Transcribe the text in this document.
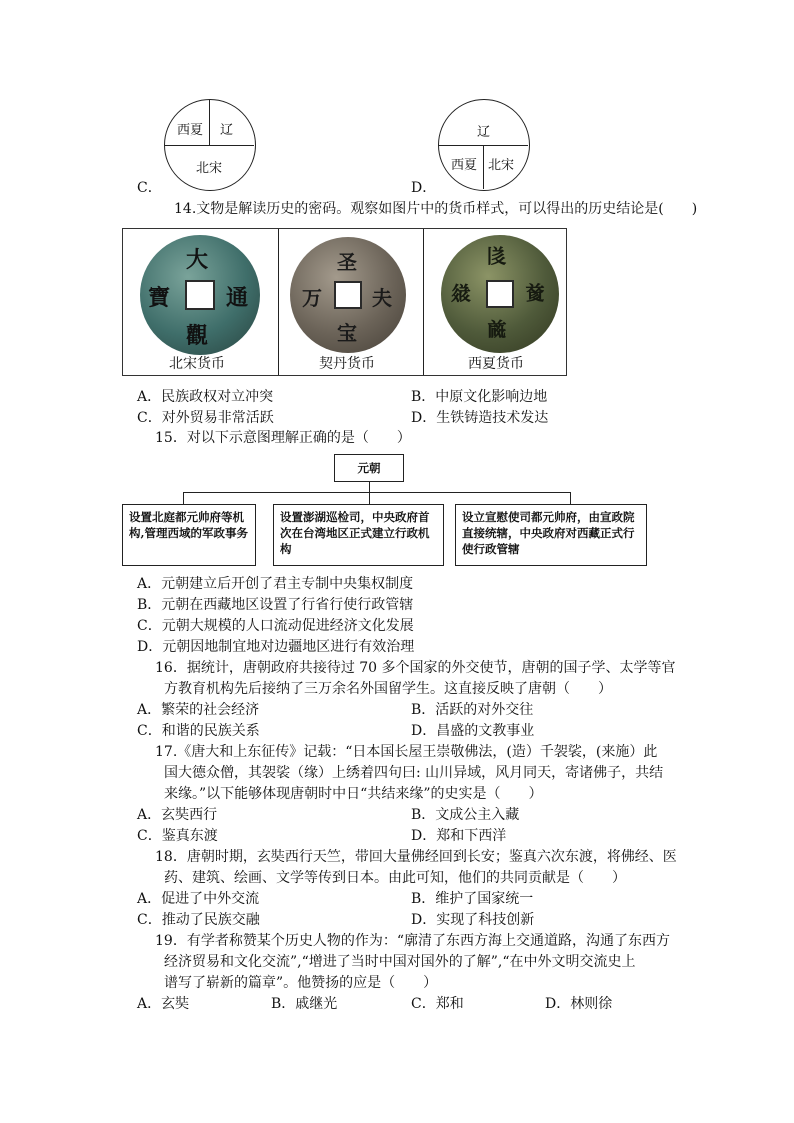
西夏 辽
北宋
辽
西夏 北宋
C．	D．
14.文物是解读历史的密码。观察如图片中的货币样式，可以得出的历史结论是(　　)
大
通
觀
寶
北宋货币
圣
夫
宝
万
契丹货币
𗁅
𗒹
𗒨
𗧊
西夏货币
A．民族政权对立冲突	B．中原文化影响边地
C．对外贸易非常活跃	D．生铁铸造技术发达
15．对以下示意图理解正确的是（　　）
元朝
设置北庭都元帅府等机构,管理西域的军政事务
设置澎湖巡检司，中央政府首次在台湾地区正式建立行政机构
设立宣慰使司都元帅府，由宣政院直接统辖，中央政府对西藏正式行使行政管辖
A．元朝建立后开创了君主专制中央集权制度
B．元朝在西藏地区设置了行省行使行政管辖
C．元朝大规模的人口流动促进经济文化发展
D．元朝因地制宜地对边疆地区进行有效治理
16．据统计，唐朝政府共接待过 70 多个国家的外交使节，唐朝的国子学、太学等官
方教育机构先后接纳了三万余名外国留学生。这直接反映了唐朝（　　）
A．繁荣的社会经济	B．活跃的对外交往
C．和谐的民族关系	D．昌盛的文教事业
17.《唐大和上东征传》记载：“日本国长屋王崇敬佛法，(造）千袈裟，(来施）此
国大德众僧，其袈裟（缘）上绣着四句曰: 山川异域，风月同天，寄诸佛子，共结
来缘。”以下能够体现唐朝时中日“共结来缘”的史实是（　　）
A．玄奘西行	B．文成公主入藏
C．鉴真东渡	D．郑和下西洋
18．唐朝时期，玄奘西行天竺，带回大量佛经回到长安；鉴真六次东渡，将佛经、医
药、建筑、绘画、文学等传到日本。由此可知，他们的共同贡献是（　　）
A．促进了中外交流	B．维护了国家统一
C．推动了民族交融	D．实现了科技创新
19．有学者称赞某个历史人物的作为：“廓清了东西方海上交通道路，沟通了东西方
经济贸易和文化交流”,“增进了当时中国对国外的了解”,“在中外文明交流史上
谱写了崭新的篇章”。他赞扬的应是（　　）
A．玄奘	B．戚继光	C．郑和	D．林则徐
